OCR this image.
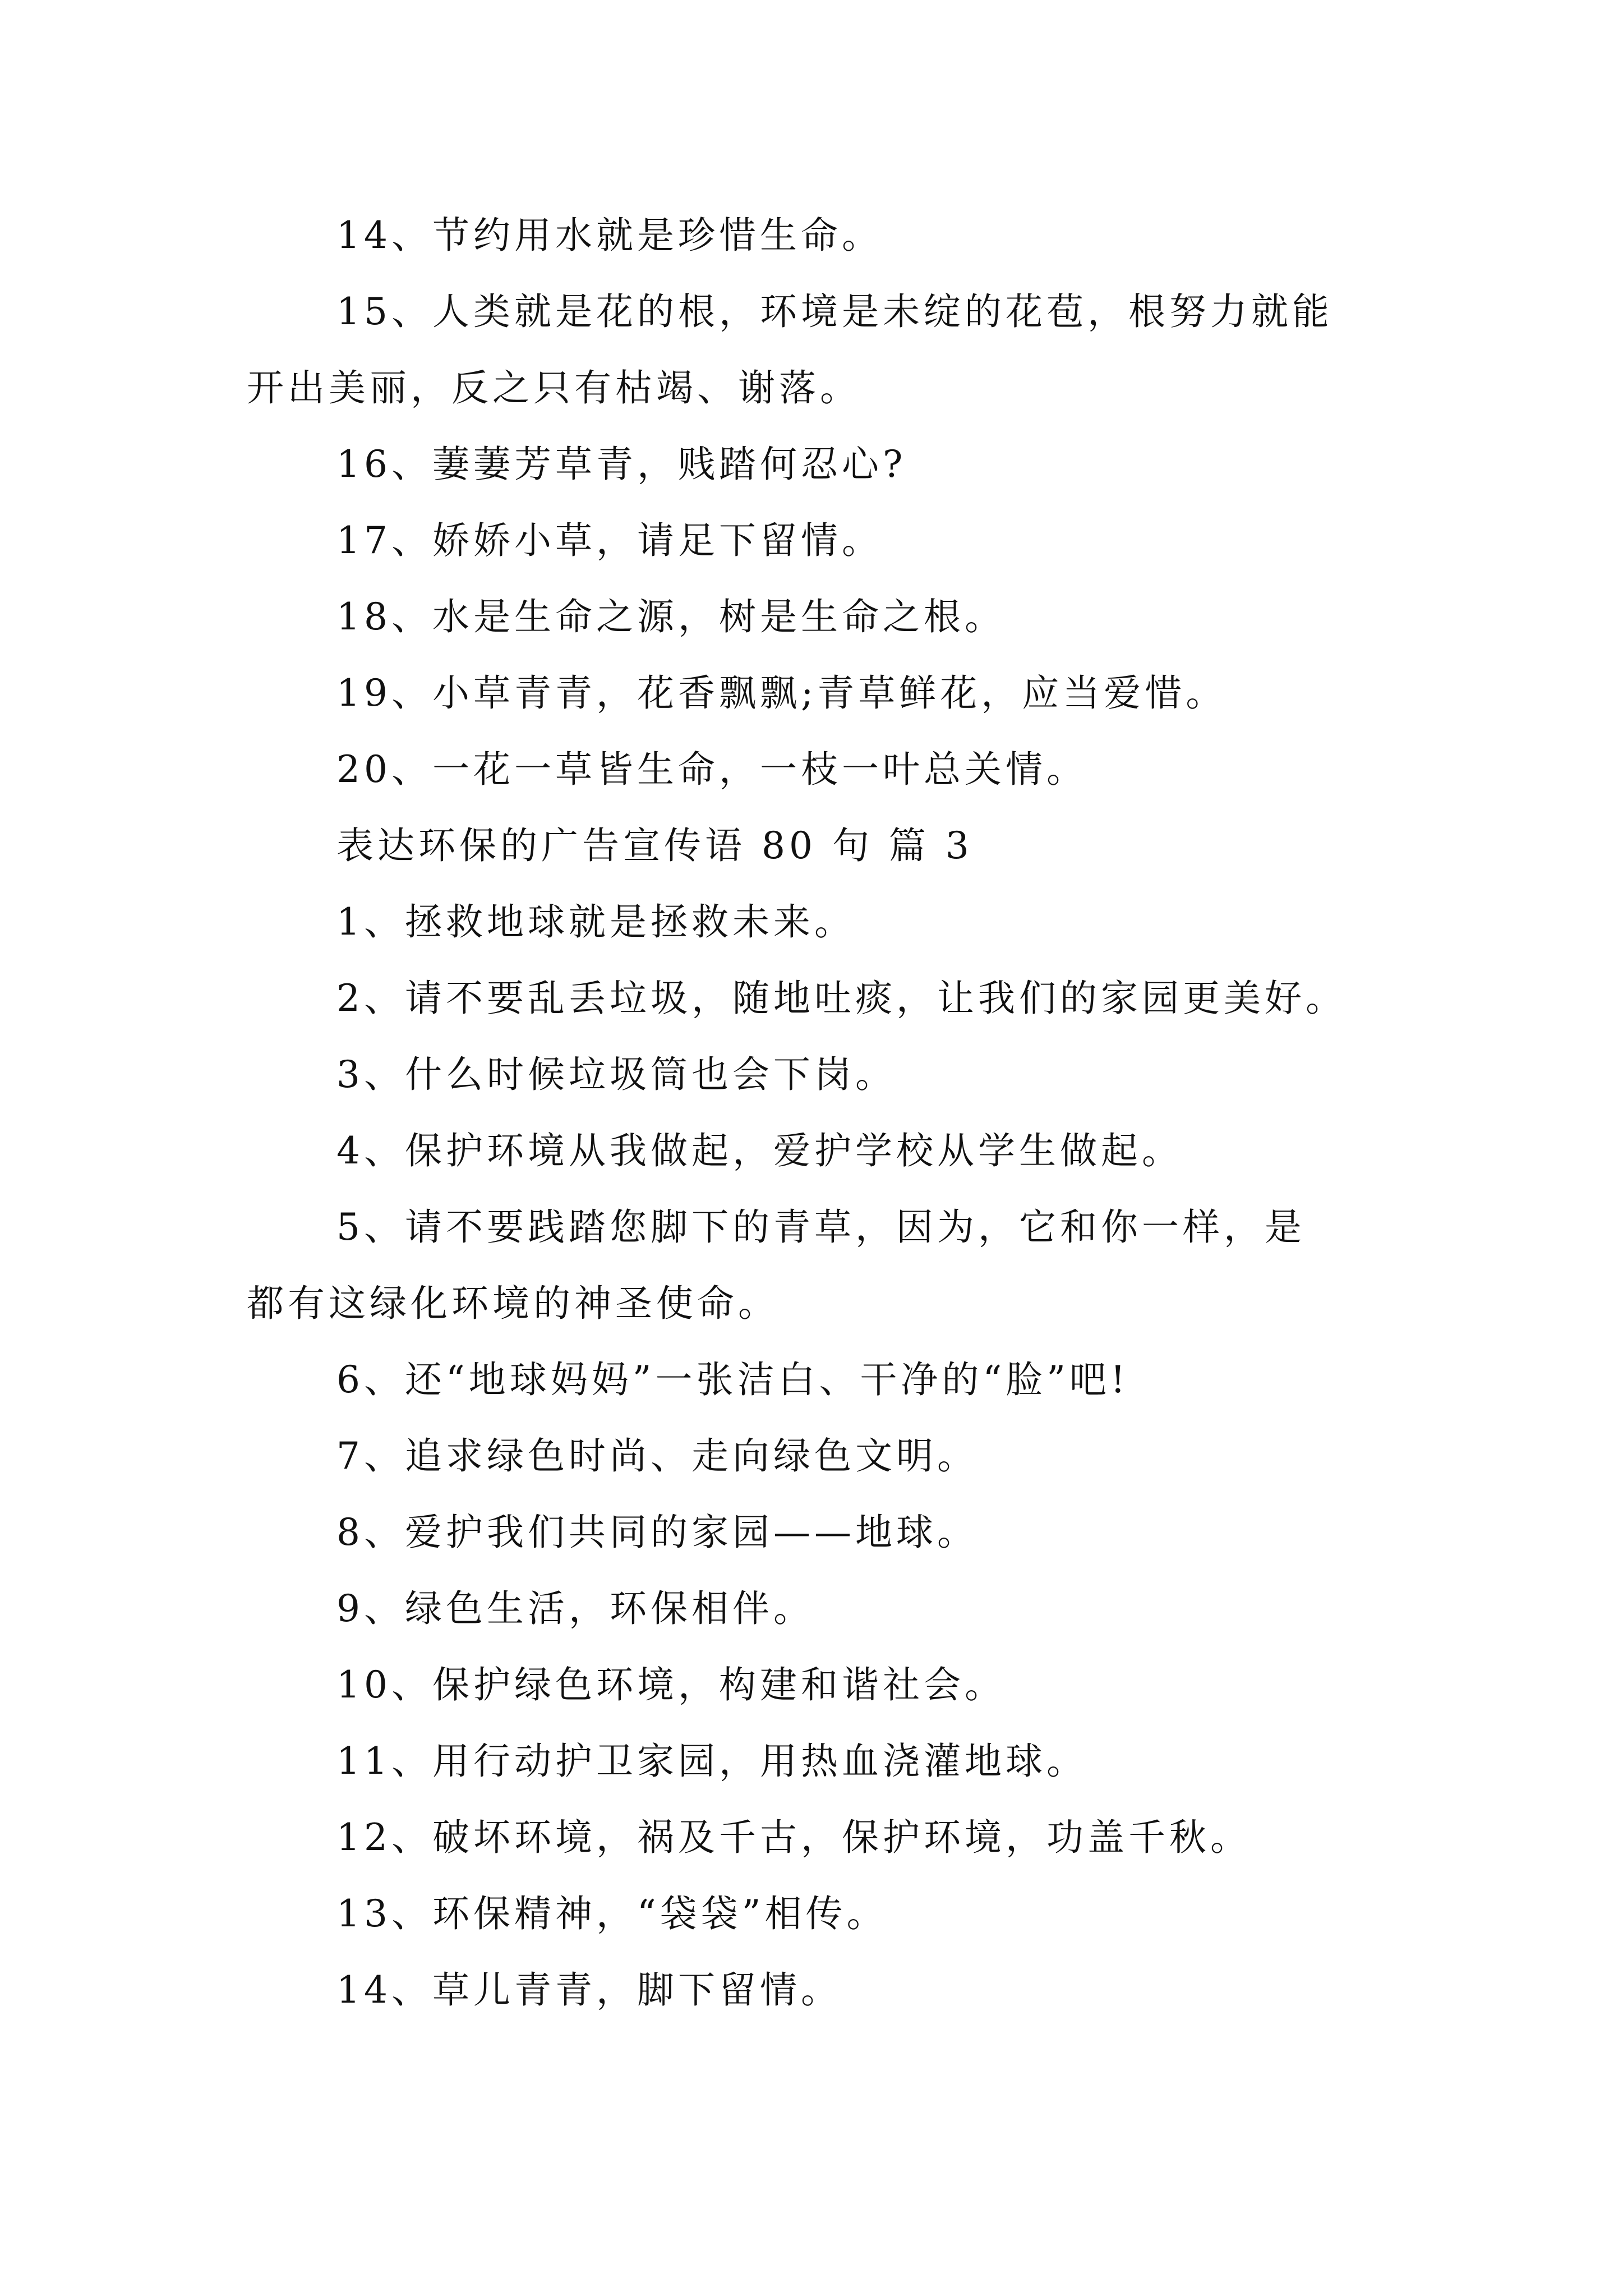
14、节约用水就是珍惜生命。
15、人类就是花的根，环境是未绽的花苞，根努力就能
开出美丽，反之只有枯竭、谢落。
16、萋萋芳草青，贱踏何忍心?
17、娇娇小草，请足下留情。
18、水是生命之源，树是生命之根。
19、小草青青，花香飘飘;青草鲜花，应当爱惜。
20、一花一草皆生命，一枝一叶总关情。
表达环保的广告宣传语 80 句 篇 3
1、拯救地球就是拯救未来。
2、请不要乱丢垃圾，随地吐痰，让我们的家园更美好。
3、什么时候垃圾筒也会下岗。
4、保护环境从我做起，爱护学校从学生做起。
5、请不要践踏您脚下的青草，因为，它和你一样，是
都有这绿化环境的神圣使命。
6、还“地球妈妈”一张洁白、干净的“脸”吧!
7、追求绿色时尚、走向绿色文明。
8、爱护我们共同的家园——地球。
9、绿色生活，环保相伴。
10、保护绿色环境，构建和谐社会。
11、用行动护卫家园，用热血浇灌地球。
12、破坏环境，祸及千古，保护环境，功盖千秋。
13、环保精神，“袋袋”相传。
14、草儿青青，脚下留情。
